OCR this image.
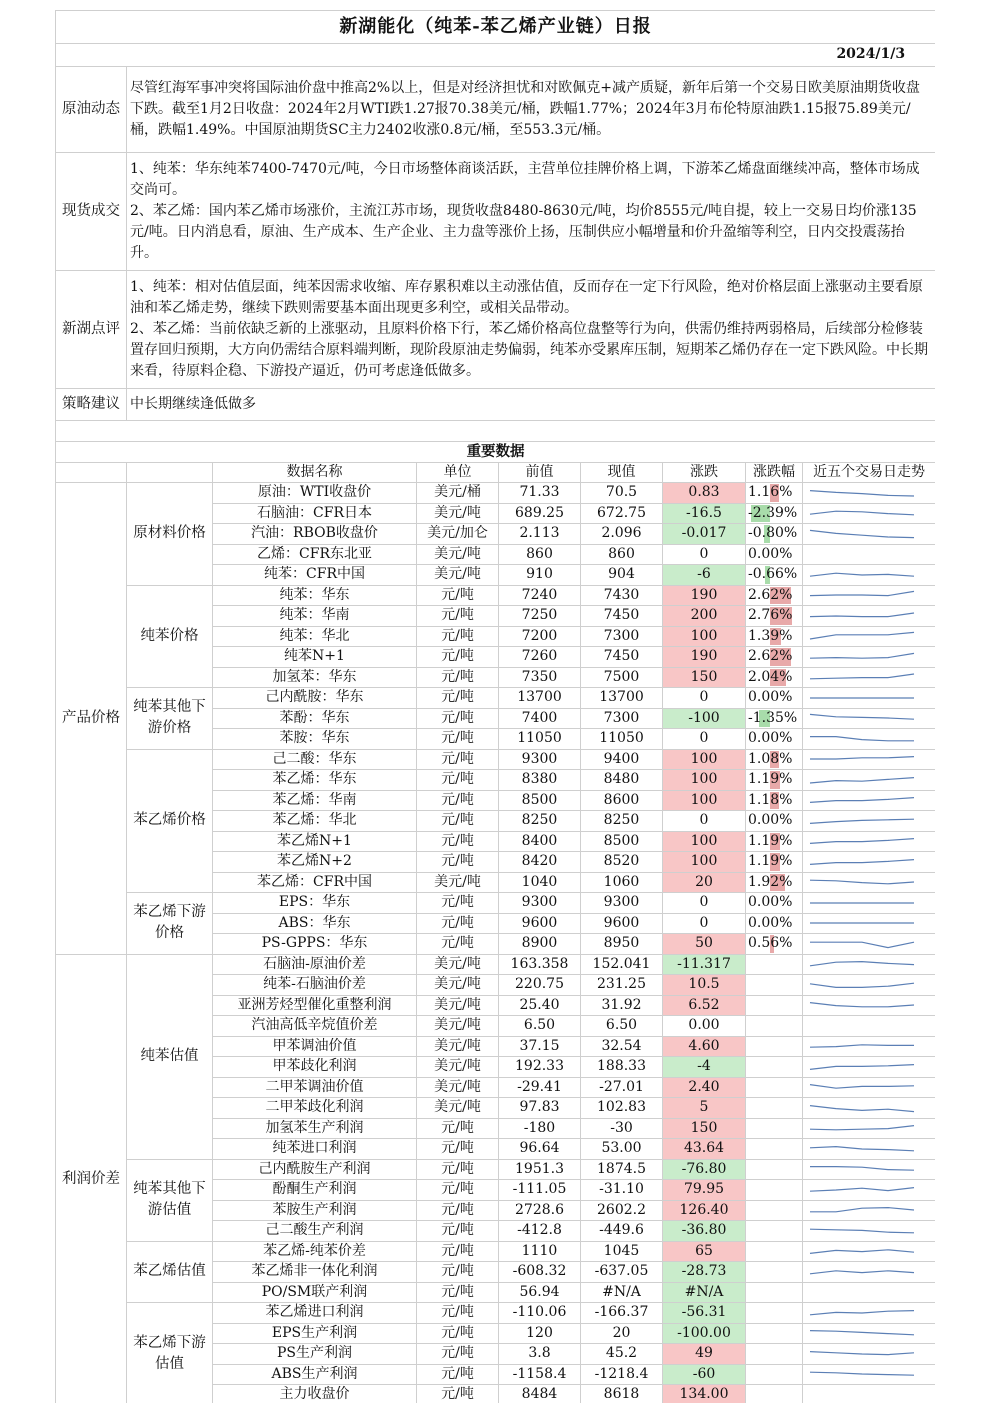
新湖能化（纯苯-苯乙烯产业链）日报								
2024/1/3								
原油动态	尽管红海军事冲突将国际油价盘中推高2%以上，但是对经济担忧和对欧佩克+减产质疑，新年后第一个交易日欧美原油期货收盘下跌。截至1月2日收盘：2024年2月WTI跌1.27报70.38美元/桶，跌幅1.77%；2024年3月布伦特原油跌1.15报75.89美元/桶，跌幅1.49%。中国原油期货SC主力2402收涨0.8元/桶，至553.3元/桶。							
现货成交	1、纯苯：华东纯苯7400-7470元/吨，今日市场整体商谈活跃，主营单位挂牌价格上调，下游苯乙烯盘面继续冲高，整体市场成交尚可。
2、苯乙烯：国内苯乙烯市场涨价，主流江苏市场，现货收盘8480-8630元/吨，均价8555元/吨自提，较上一交易日均价涨135元/吨。日内消息看，原油、生产成本、生产企业、主力盘等涨价上扬，压制供应小幅增量和价升盈缩等利空，日内交投震荡抬升。							
新湖点评	1、纯苯：相对估值层面，纯苯因需求收缩、库存累积难以主动涨估值，反而存在一定下行风险，绝对价格层面上涨驱动主要看原油和苯乙烯走势，继续下跌则需要基本面出现更多利空，或相关品带动。
2、苯乙烯：当前依缺乏新的上涨驱动，且原料价格下行，苯乙烯价格高位盘整等行为向，供需仍维持两弱格局，后续部分检修装置存回归预期，大方向仍需结合原料端判断，现阶段原油走势偏弱，纯苯亦受累库压制，短期苯乙烯仍存在一定下跌风险。中长期来看，待原料企稳、下游投产逼近，仍可考虑逢低做多。							
策略建议	中长期继续逢低做多							

重要数据								
		数据名称	单位	前值	现值	涨跌	涨跌幅	近五个交易日走势
产品价格	原材料价格	原油：WTI收盘价	美元/桶	71.33	70.5	0.83	1.16%	

		石脑油：CFR日本	美元/吨	689.25	672.75	-16.5	-2.39%	

		汽油：RBOB收盘价	美元/加仑	2.113	2.096	-0.017	-0.80%	

		乙烯：CFR东北亚	美元/吨	860	860	0	0.00%	
		纯苯：CFR中国	美元/吨	910	904	-6	-0.66%	

	纯苯价格	纯苯：华东	元/吨	7240	7430	190	2.62%	

		纯苯：华南	元/吨	7250	7450	200	2.76%	

		纯苯：华北	元/吨	7200	7300	100	1.39%	

		纯苯N+1	元/吨	7260	7450	190	2.62%	

		加氢苯：华东	元/吨	7350	7500	150	2.04%	

	纯苯其他下游价格	己内酰胺：华东	元/吨	13700	13700	0	0.00%	

		苯酚：华东	元/吨	7400	7300	-100	-1.35%	

		苯胺：华东	元/吨	11050	11050	0	0.00%	

	苯乙烯价格	己二酸：华东	元/吨	9300	9400	100	1.08%	

		苯乙烯：华东	元/吨	8380	8480	100	1.19%	

		苯乙烯：华南	元/吨	8500	8600	100	1.18%	

		苯乙烯：华北	元/吨	8250	8250	0	0.00%	

		苯乙烯N+1	元/吨	8400	8500	100	1.19%	

		苯乙烯N+2	元/吨	8420	8520	100	1.19%	

		苯乙烯：CFR中国	美元/吨	1040	1060	20	1.92%	

	苯乙烯下游价格	EPS：华东	元/吨	9300	9300	0	0.00%	

		ABS：华东	元/吨	9600	9600	0	0.00%	

		PS-GPPS：华东	元/吨	8900	8950	50	0.56%	

利润价差	纯苯估值	石脑油-原油价差	美元/吨	163.358	152.041	-11.317		

		纯苯-石脑油价差	美元/吨	220.75	231.25	10.5		

		亚洲芳烃型催化重整利润	美元/吨	25.40	31.92	6.52		

		汽油高低辛烷值价差	美元/吨	6.50	6.50	0.00		
		甲苯调油价值	美元/吨	37.15	32.54	4.60		

		甲苯歧化利润	美元/吨	192.33	188.33	-4		

		二甲苯调油价值	美元/吨	-29.41	-27.01	2.40		

		二甲苯歧化利润	美元/吨	97.83	102.83	5		

		加氢苯生产利润	元/吨	-180	-30	150		

		纯苯进口利润	元/吨	96.64	53.00	43.64		

	纯苯其他下游估值	己内酰胺生产利润	元/吨	1951.3	1874.5	-76.80		

		酚酮生产利润	元/吨	-111.05	-31.10	79.95		

		苯胺生产利润	元/吨	2728.6	2602.2	126.40		

		己二酸生产利润	元/吨	-412.8	-449.6	-36.80		

	苯乙烯估值	苯乙烯-纯苯价差	元/吨	1110	1045	65		

		苯乙烯非一体化利润	元/吨	-608.32	-637.05	-28.73		

		PO/SM联产利润	元/吨	56.94	#N/A	#N/A		
	苯乙烯下游估值	苯乙烯进口利润	元/吨	-110.06	-166.37	-56.31		

		EPS生产利润	元/吨	120	20	-100.00		

		PS生产利润	元/吨	3.8	45.2	49		

		ABS生产利润	元/吨	-1158.4	-1218.4	-60		

		主力收盘价	元/吨	8484	8618	134.00		
